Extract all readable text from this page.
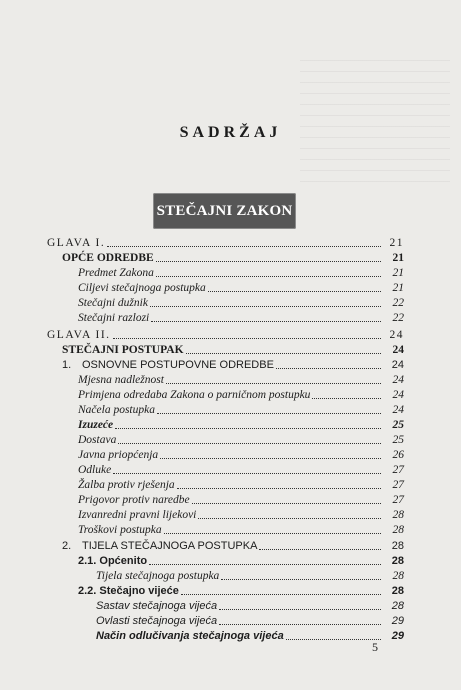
SADRŽAJ
STEČAJNI ZAKON
GLAVA I.	21
OPĆE ODREDBE	21
Predmet Zakona	21
Ciljevi stečajnoga postupka	21
Stečajni dužnik	22
Stečajni razlozi	22
GLAVA II.	24
STEČAJNI POSTUPAK	24
1. OSNOVNE POSTUPOVNE ODREDBE	24
Mjesna nadležnost	24
Primjena odredaba Zakona o parničnom postupku	24
Načela postupka	24
Izuzeće	25
Dostava	25
Javna priopćenja	26
Odluke	27
Žalba protiv rješenja	27
Prigovor protiv naredbe	27
Izvanredni pravni lijekovi	28
Troškovi postupka	28
2. TIJELA STEČAJNOGA POSTUPKA	28
2.1. Općenito	28
Tijela stečajnoga postupka	28
2.2. Stečajno vijeće	28
Sastav stečajnoga vijeća	28
Ovlasti stečajnoga vijeća	29
Način odlučivanja stečajnoga vijeća	29
5
